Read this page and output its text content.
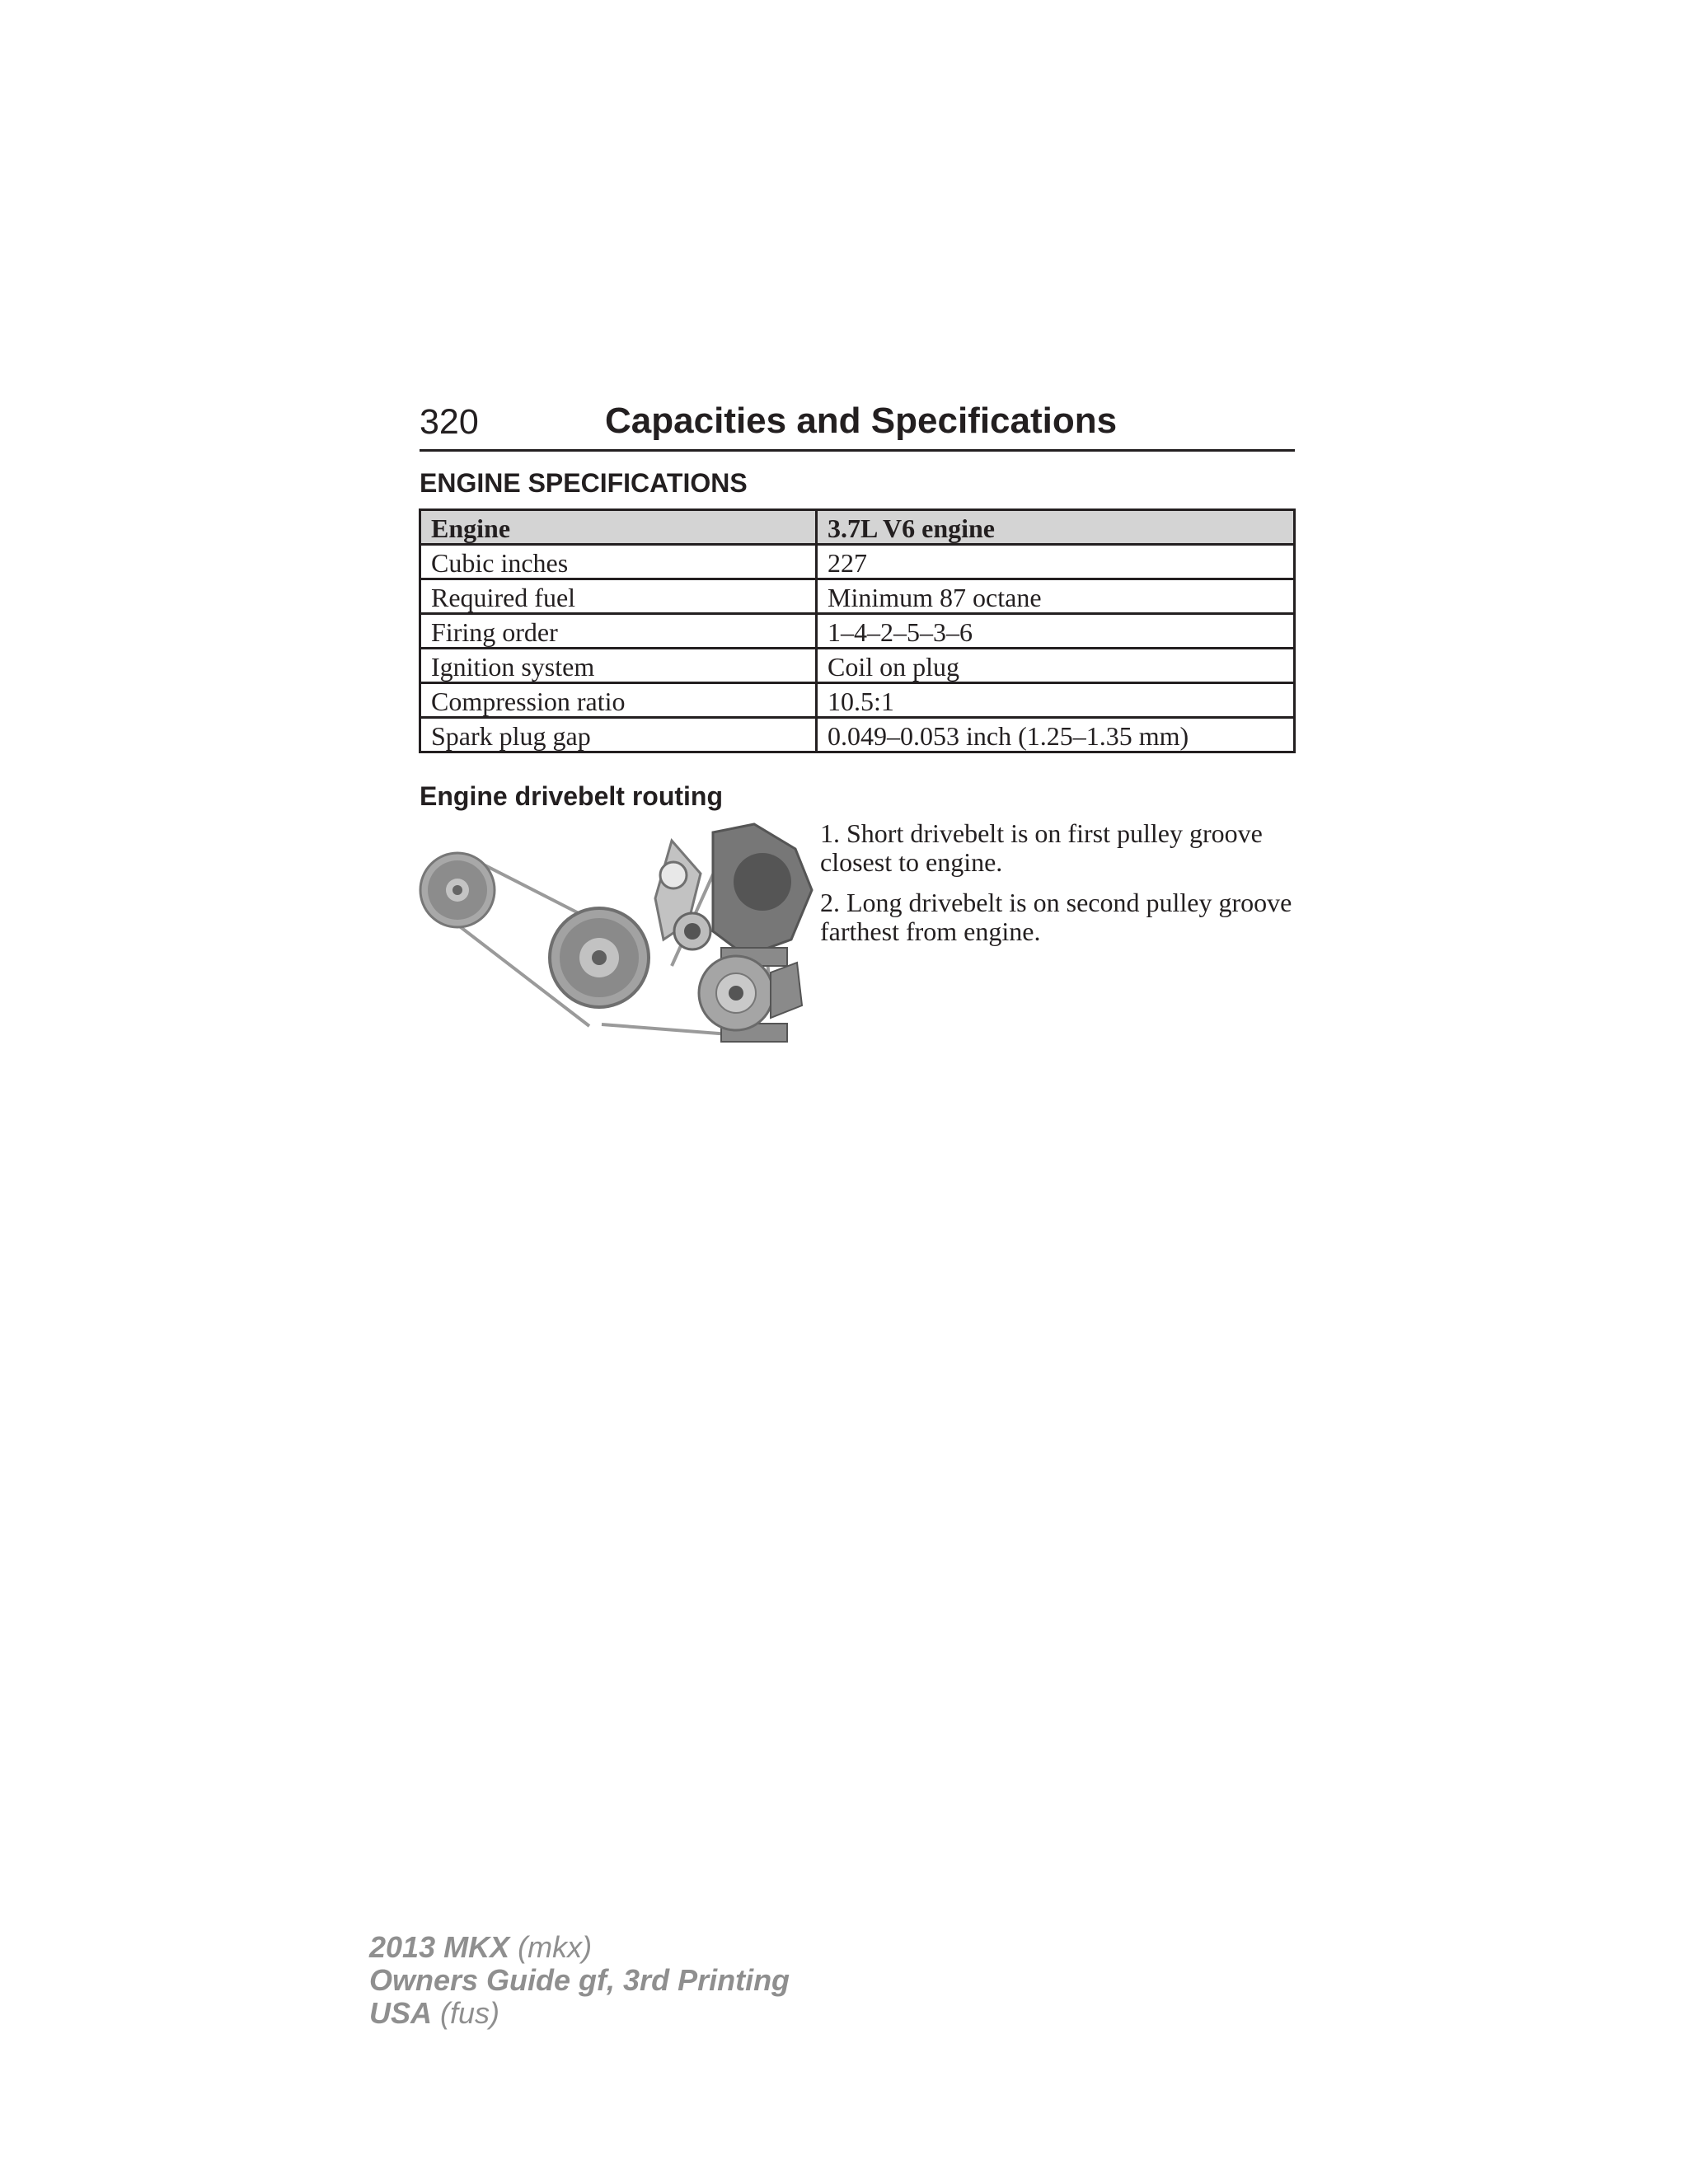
320	Capacities and Specifications
ENGINE SPECIFICATIONS
Engine	3.7L V6 engine
Cubic inches	227
Required fuel	Minimum 87 octane
Firing order	1–4–2–5–3–6
Ignition system	Coil on plug
Compression ratio	10.5:1
Spark plug gap	0.049–0.053 inch (1.25–1.35 mm)
Engine drivebelt routing

1. Short drivebelt is on first pulley groove closest to engine.

2. Long drivebelt is on second pulley groove farthest from engine.

2013 MKX (mkx)
Owners Guide gf, 3rd Printing
USA (fus)
